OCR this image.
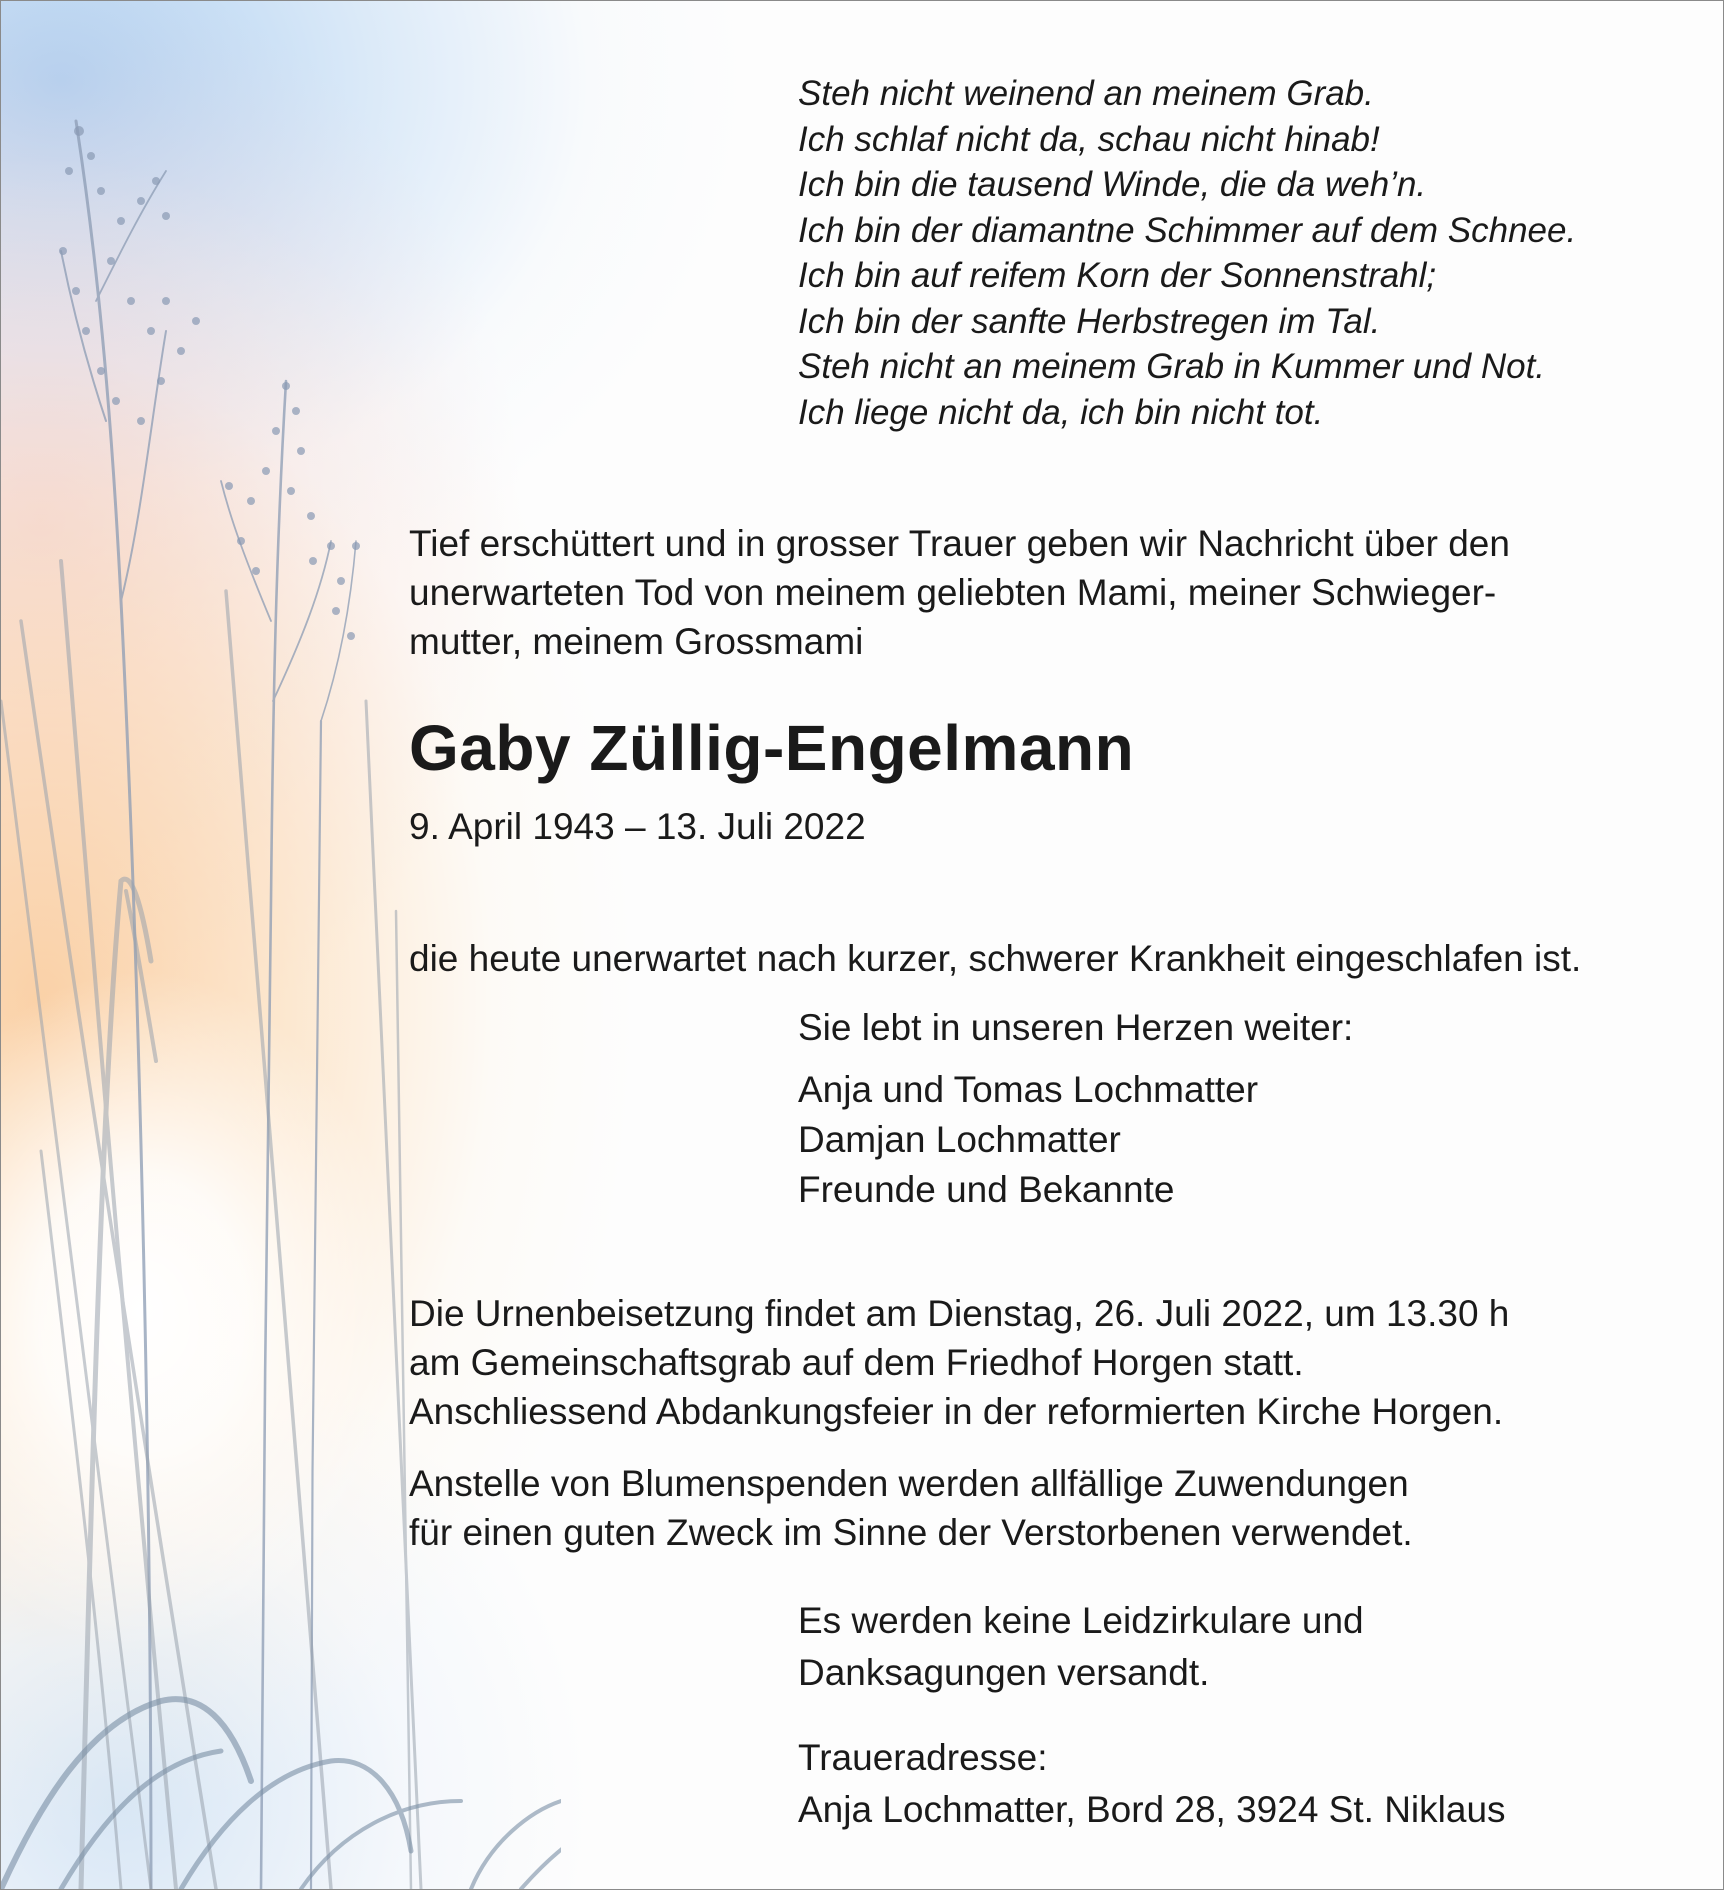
Steh nicht weinend an meinem Grab.
Ich schlaf nicht da, schau nicht hinab!
Ich bin die tausend Winde, die da weh’n.
Ich bin der diamantne Schimmer auf dem Schnee.
Ich bin auf reifem Korn der Sonnenstrahl;
Ich bin der sanfte Herbstregen im Tal.
Steh nicht an meinem Grab in Kummer und Not.
Ich liege nicht da, ich bin nicht tot.
Tief erschüttert und in grosser Trauer geben wir Nachricht über den
unerwarteten Tod von meinem geliebten Mami, meiner Schwieger-
mutter, meinem Grossmami
Gaby Züllig-Engelmann
9. April 1943 – 13. Juli 2022
die heute unerwartet nach kurzer, schwerer Krankheit eingeschlafen ist.
Sie lebt in unseren Herzen weiter:
Anja und Tomas Lochmatter
Damjan Lochmatter
Freunde und Bekannte
Die Urnenbeisetzung findet am Dienstag, 26. Juli 2022, um 13.30 h
am Gemeinschaftsgrab auf dem Friedhof Horgen statt.
Anschliessend Abdankungsfeier in der reformierten Kirche Horgen.
Anstelle von Blumenspenden werden allfällige Zuwendungen
für einen guten Zweck im Sinne der Verstorbenen verwendet.
Es werden keine Leidzirkulare und
Danksagungen versandt.
Traueradresse:
Anja Lochmatter, Bord 28, 3924 St. Niklaus
